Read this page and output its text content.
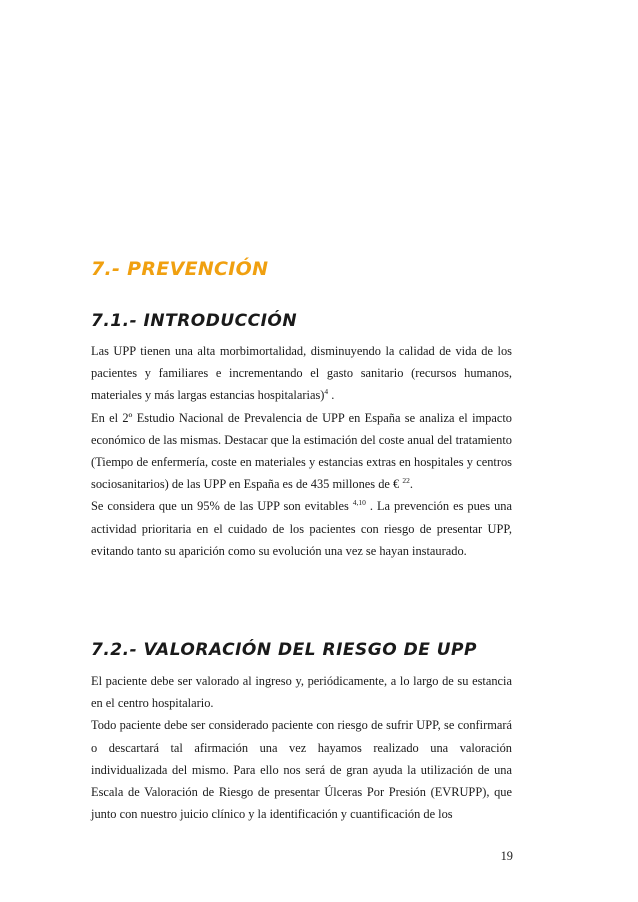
7.- PREVENCIÓN
7.1.- INTRODUCCIÓN

Las UPP tienen una alta morbimortalidad, disminuyendo la calidad de vida de los pacientes y familiares e incrementando el gasto sanitario (recursos humanos, materiales y más largas estancias hospitalarias)$^4$ .

En el 2º Estudio Nacional de Prevalencia de UPP en España se analiza el impacto económico de las mismas. Destacar que la estimación del coste anual del tratamiento (Tiempo de enfermería, coste en materiales y estancias extras en hospitales y centros sociosanitarios) de las UPP en España es de 435 millones de € $^{22}$.

Se considera que un 95% de las UPP son evitables $^{4,10}$ . La prevención es pues una actividad prioritaria en el cuidado de los pacientes con riesgo de presentar UPP, evitando tanto su aparición como su evolución una vez se hayan instaurado.

7.2.- VALORACIÓN DEL RIESGO DE UPP

El paciente debe ser valorado al ingreso y, periódicamente, a lo largo de su estancia en el centro hospitalario.

Todo paciente debe ser considerado paciente con riesgo de sufrir UPP, se confirmará o descartará tal afirmación una vez hayamos realizado una valoración individualizada del mismo. Para ello nos será de gran ayuda la utilización de una Escala de Valoración de Riesgo de presentar Úlceras Por Presión (EVRUPP), que junto con nuestro juicio clínico y la identificación y cuantificación de los

19
